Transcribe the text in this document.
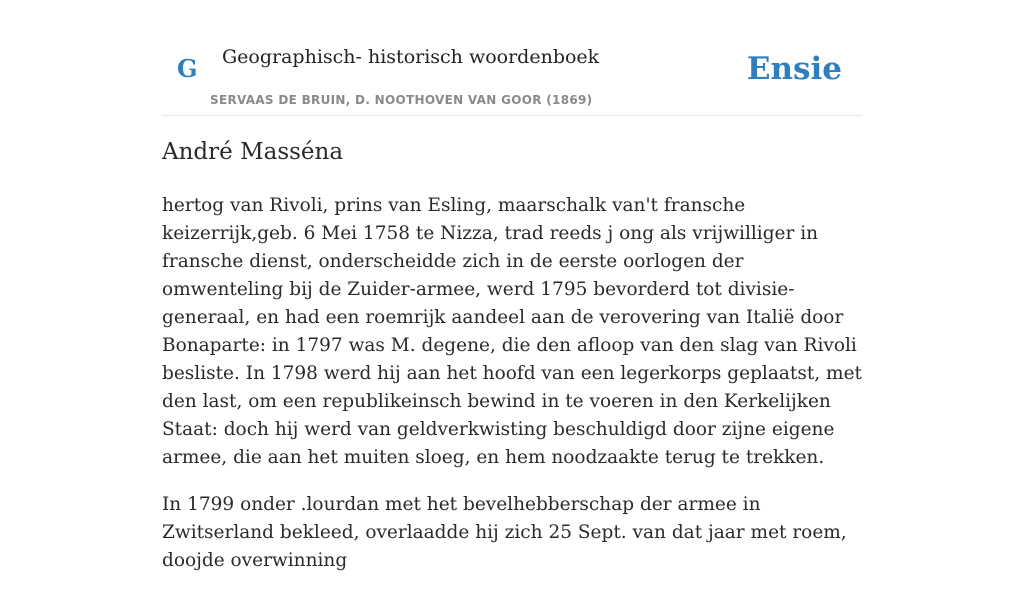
G Geographisch- historisch woordenboek
SERVAAS DE BRUIN, D. NOOTHOVEN VAN GOOR (1869)
Ensie
André Masséna

hertog van Rivoli, prins van Esling, maarschalk van't fransche keizerrijk,geb. 6 Mei 1758 te Nizza, trad reeds j ong als vrijwilliger in fransche dienst, onderscheidde zich in de eerste oorlogen der omwenteling bij de Zuider-armee, werd 1795 bevorderd tot divisie-generaal, en had een roemrijk aandeel aan de verovering van Italië door Bonaparte: in 1797 was M. degene, die den afloop van den slag van Rivoli besliste. In 1798 werd hij aan het hoofd van een legerkorps geplaatst, met den last, om een republikeinsch bewind in te voeren in den Kerkelijken Staat: doch hij werd van geldverkwisting beschuldigd door zijne eigene armee, die aan het muiten sloeg, en hem noodzaakte terug te trekken.

In 1799 onder .lourdan met het bevelhebberschap der armee in Zwitserland bekleed, overlaadde hij zich 25 Sept. van dat jaar met roem, doojde overwinning
